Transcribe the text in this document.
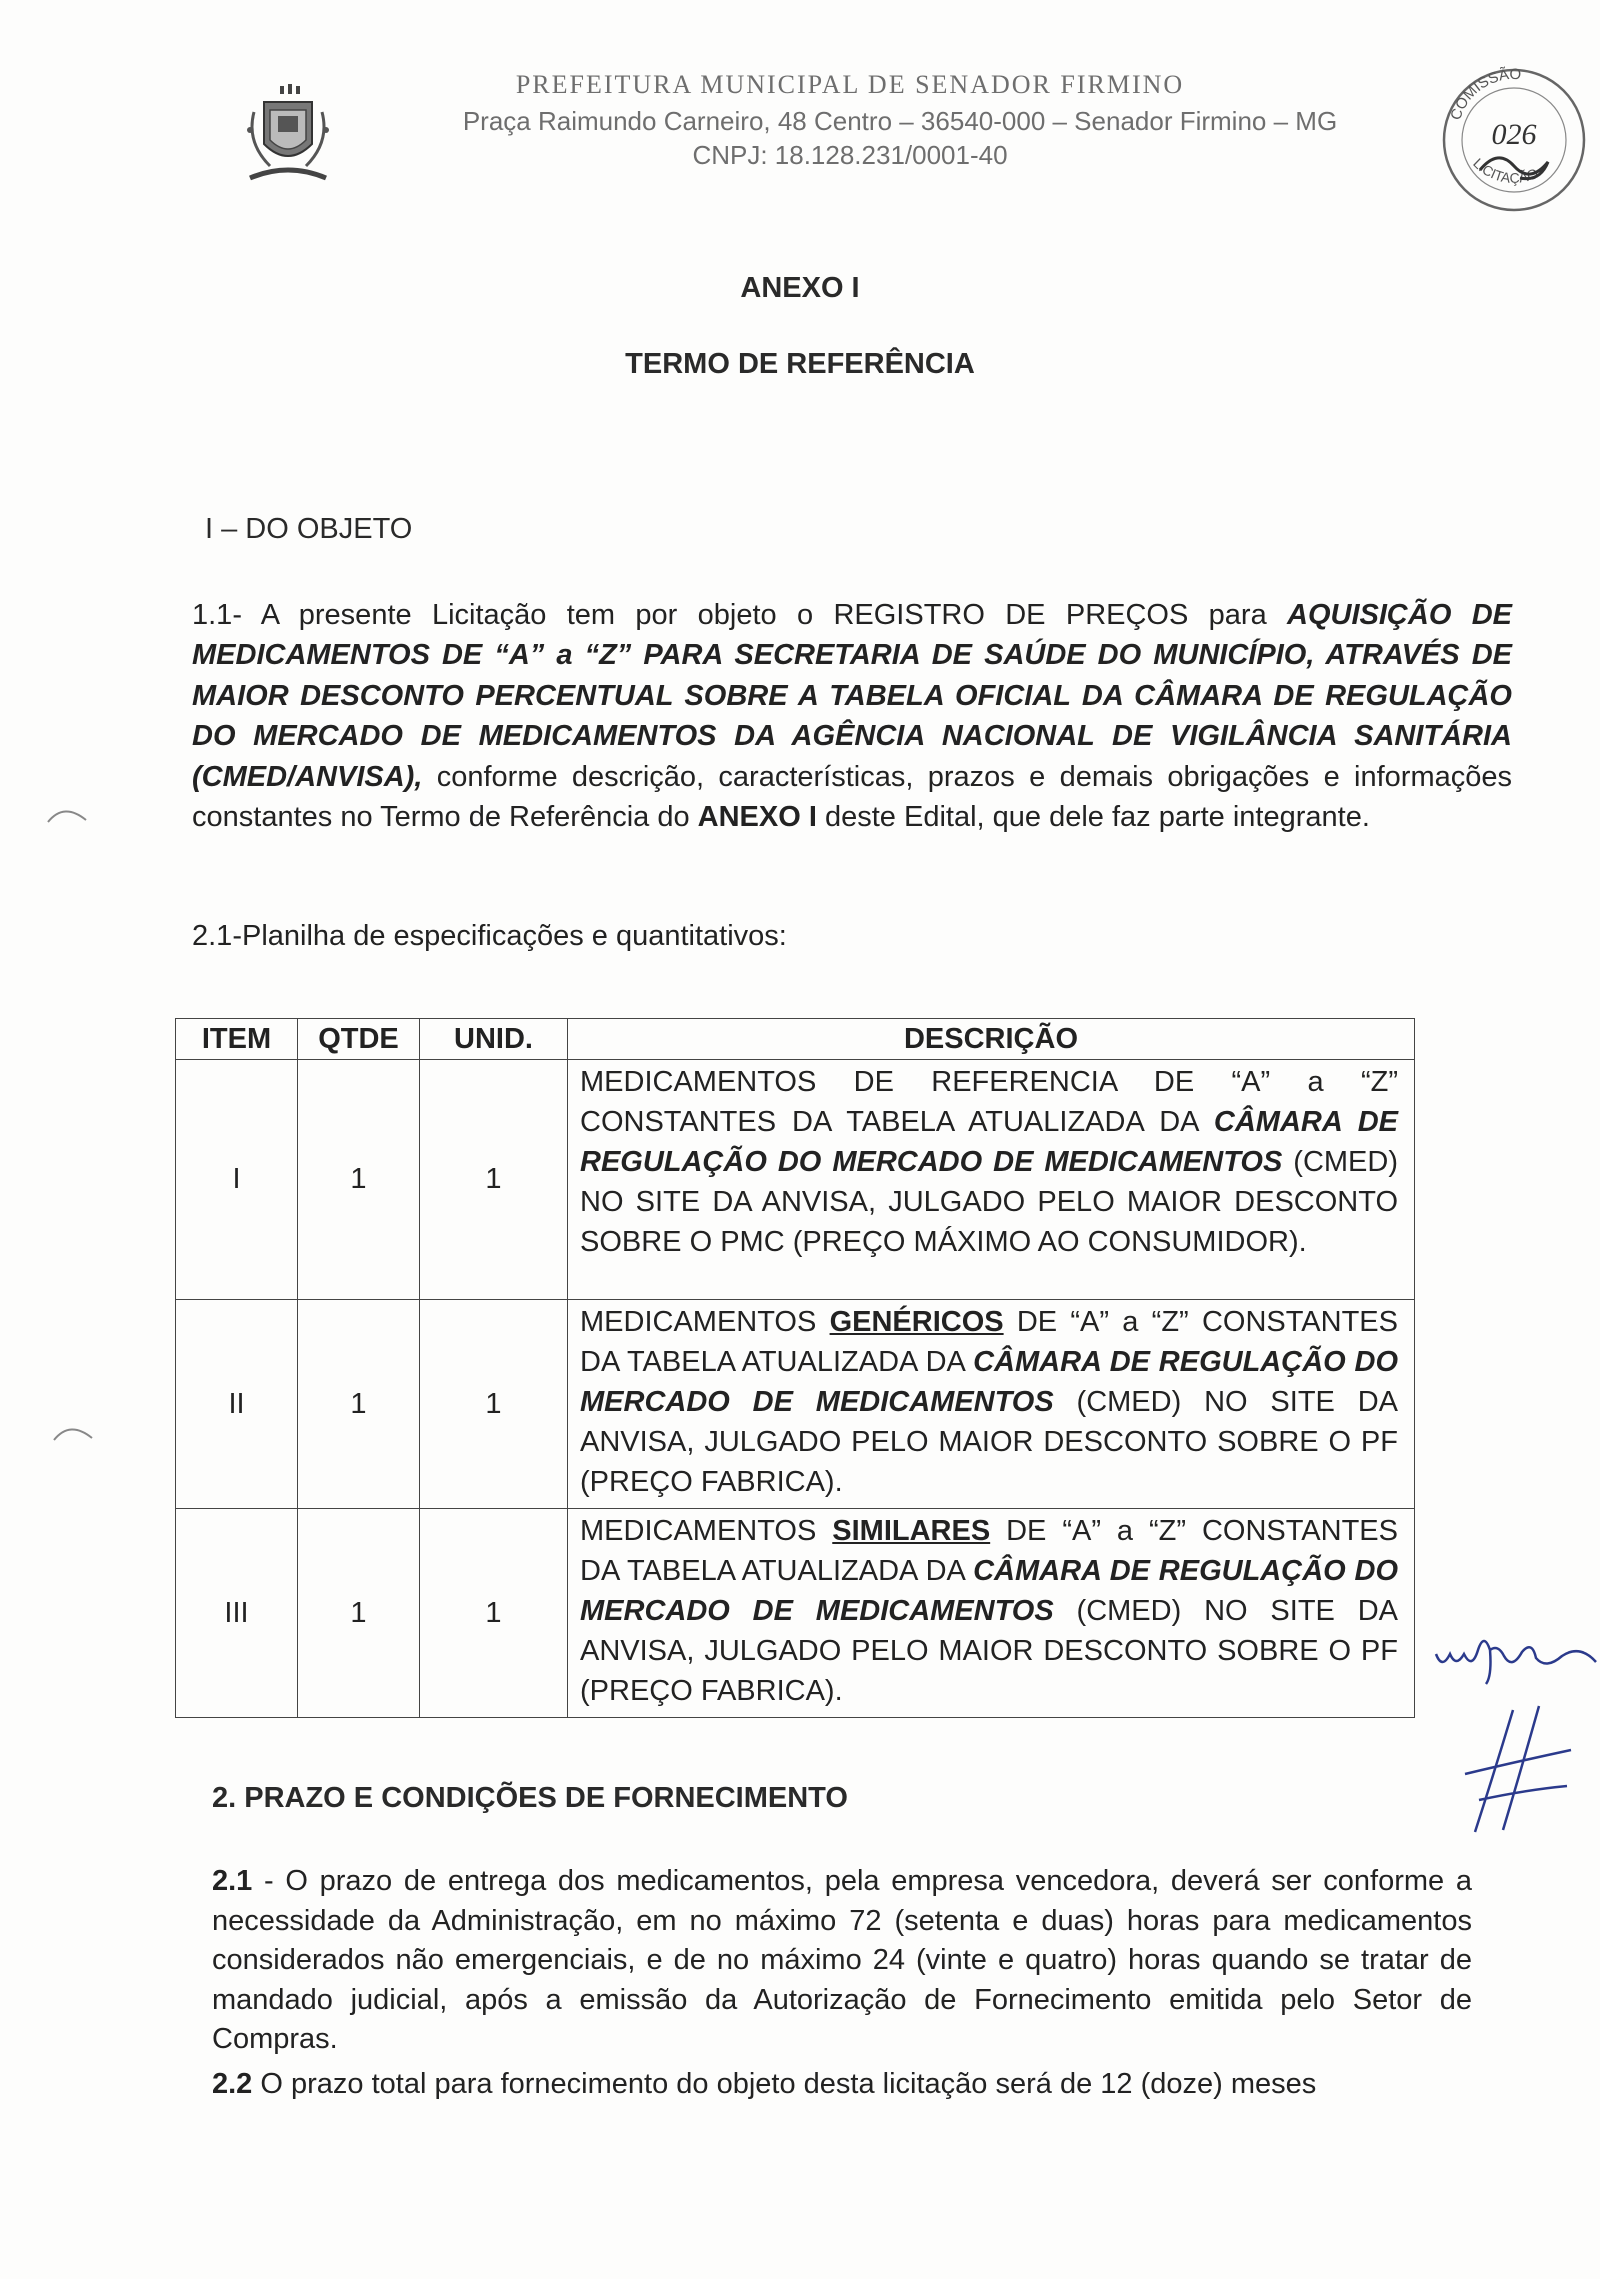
PREFEITURA MUNICIPAL DE SENADOR FIRMINO
Praça Raimundo Carneiro, 48 Centro – 36540-000 – Senador Firmino – MG
CNPJ: 18.128.231/0001-40
COMISSÃO
LICITAÇÃO
026
ANEXO I
TERMO DE REFERÊNCIA
I – DO OBJETO
1.1- A presente Licitação tem por objeto o REGISTRO DE PREÇOS para AQUISIÇÃO DE MEDICAMENTOS DE “A” a “Z” PARA SECRETARIA DE SAÚDE DO MUNICÍPIO, ATRAVÉS DE MAIOR DESCONTO PERCENTUAL SOBRE A TABELA OFICIAL DA CÂMARA DE REGULAÇÃO DO MERCADO DE MEDICAMENTOS DA AGÊNCIA NACIONAL DE VIGILÂNCIA SANITÁRIA (CMED/ANVISA), conforme descrição, características, prazos e demais obrigações e informações constantes no Termo de Referência do ANEXO I deste Edital, que dele faz parte integrante.
2.1-Planilha de especificações e quantitativos:
ITEM	QTDE	UNID.	DESCRIÇÃO
I	1	1	MEDICAMENTOS DE REFERENCIA DE “A” a “Z” CONSTANTES DA TABELA ATUALIZADA DA CÂMARA DE REGULAÇÃO DO MERCADO DE MEDICAMENTOS (CMED) NO SITE DA ANVISA, JULGADO PELO MAIOR DESCONTO SOBRE O PMC (PREÇO MÁXIMO AO CONSUMIDOR).
II	1	1	MEDICAMENTOS GENÉRICOS DE “A” a “Z” CONSTANTES DA TABELA ATUALIZADA DA CÂMARA DE REGULAÇÃO DO MERCADO DE MEDICAMENTOS (CMED) NO SITE DA ANVISA, JULGADO PELO MAIOR DESCONTO SOBRE O PF (PREÇO FABRICA).
III	1	1	MEDICAMENTOS SIMILARES DE “A” a “Z” CONSTANTES DA TABELA ATUALIZADA DA CÂMARA DE REGULAÇÃO DO MERCADO DE MEDICAMENTOS (CMED) NO SITE DA ANVISA, JULGADO PELO MAIOR DESCONTO SOBRE O PF (PREÇO FABRICA).
2. PRAZO E CONDIÇÕES DE FORNECIMENTO
2.1 - O prazo de entrega dos medicamentos, pela empresa vencedora, deverá ser conforme a necessidade da Administração, em no máximo 72 (setenta e duas) horas para medicamentos considerados não emergenciais, e de no máximo 24 (vinte e quatro) horas quando se tratar de mandado judicial, após a emissão da Autorização de Fornecimento emitida pelo Setor de Compras.
2.2 O prazo total para fornecimento do objeto desta licitação será de 12 (doze) meses
